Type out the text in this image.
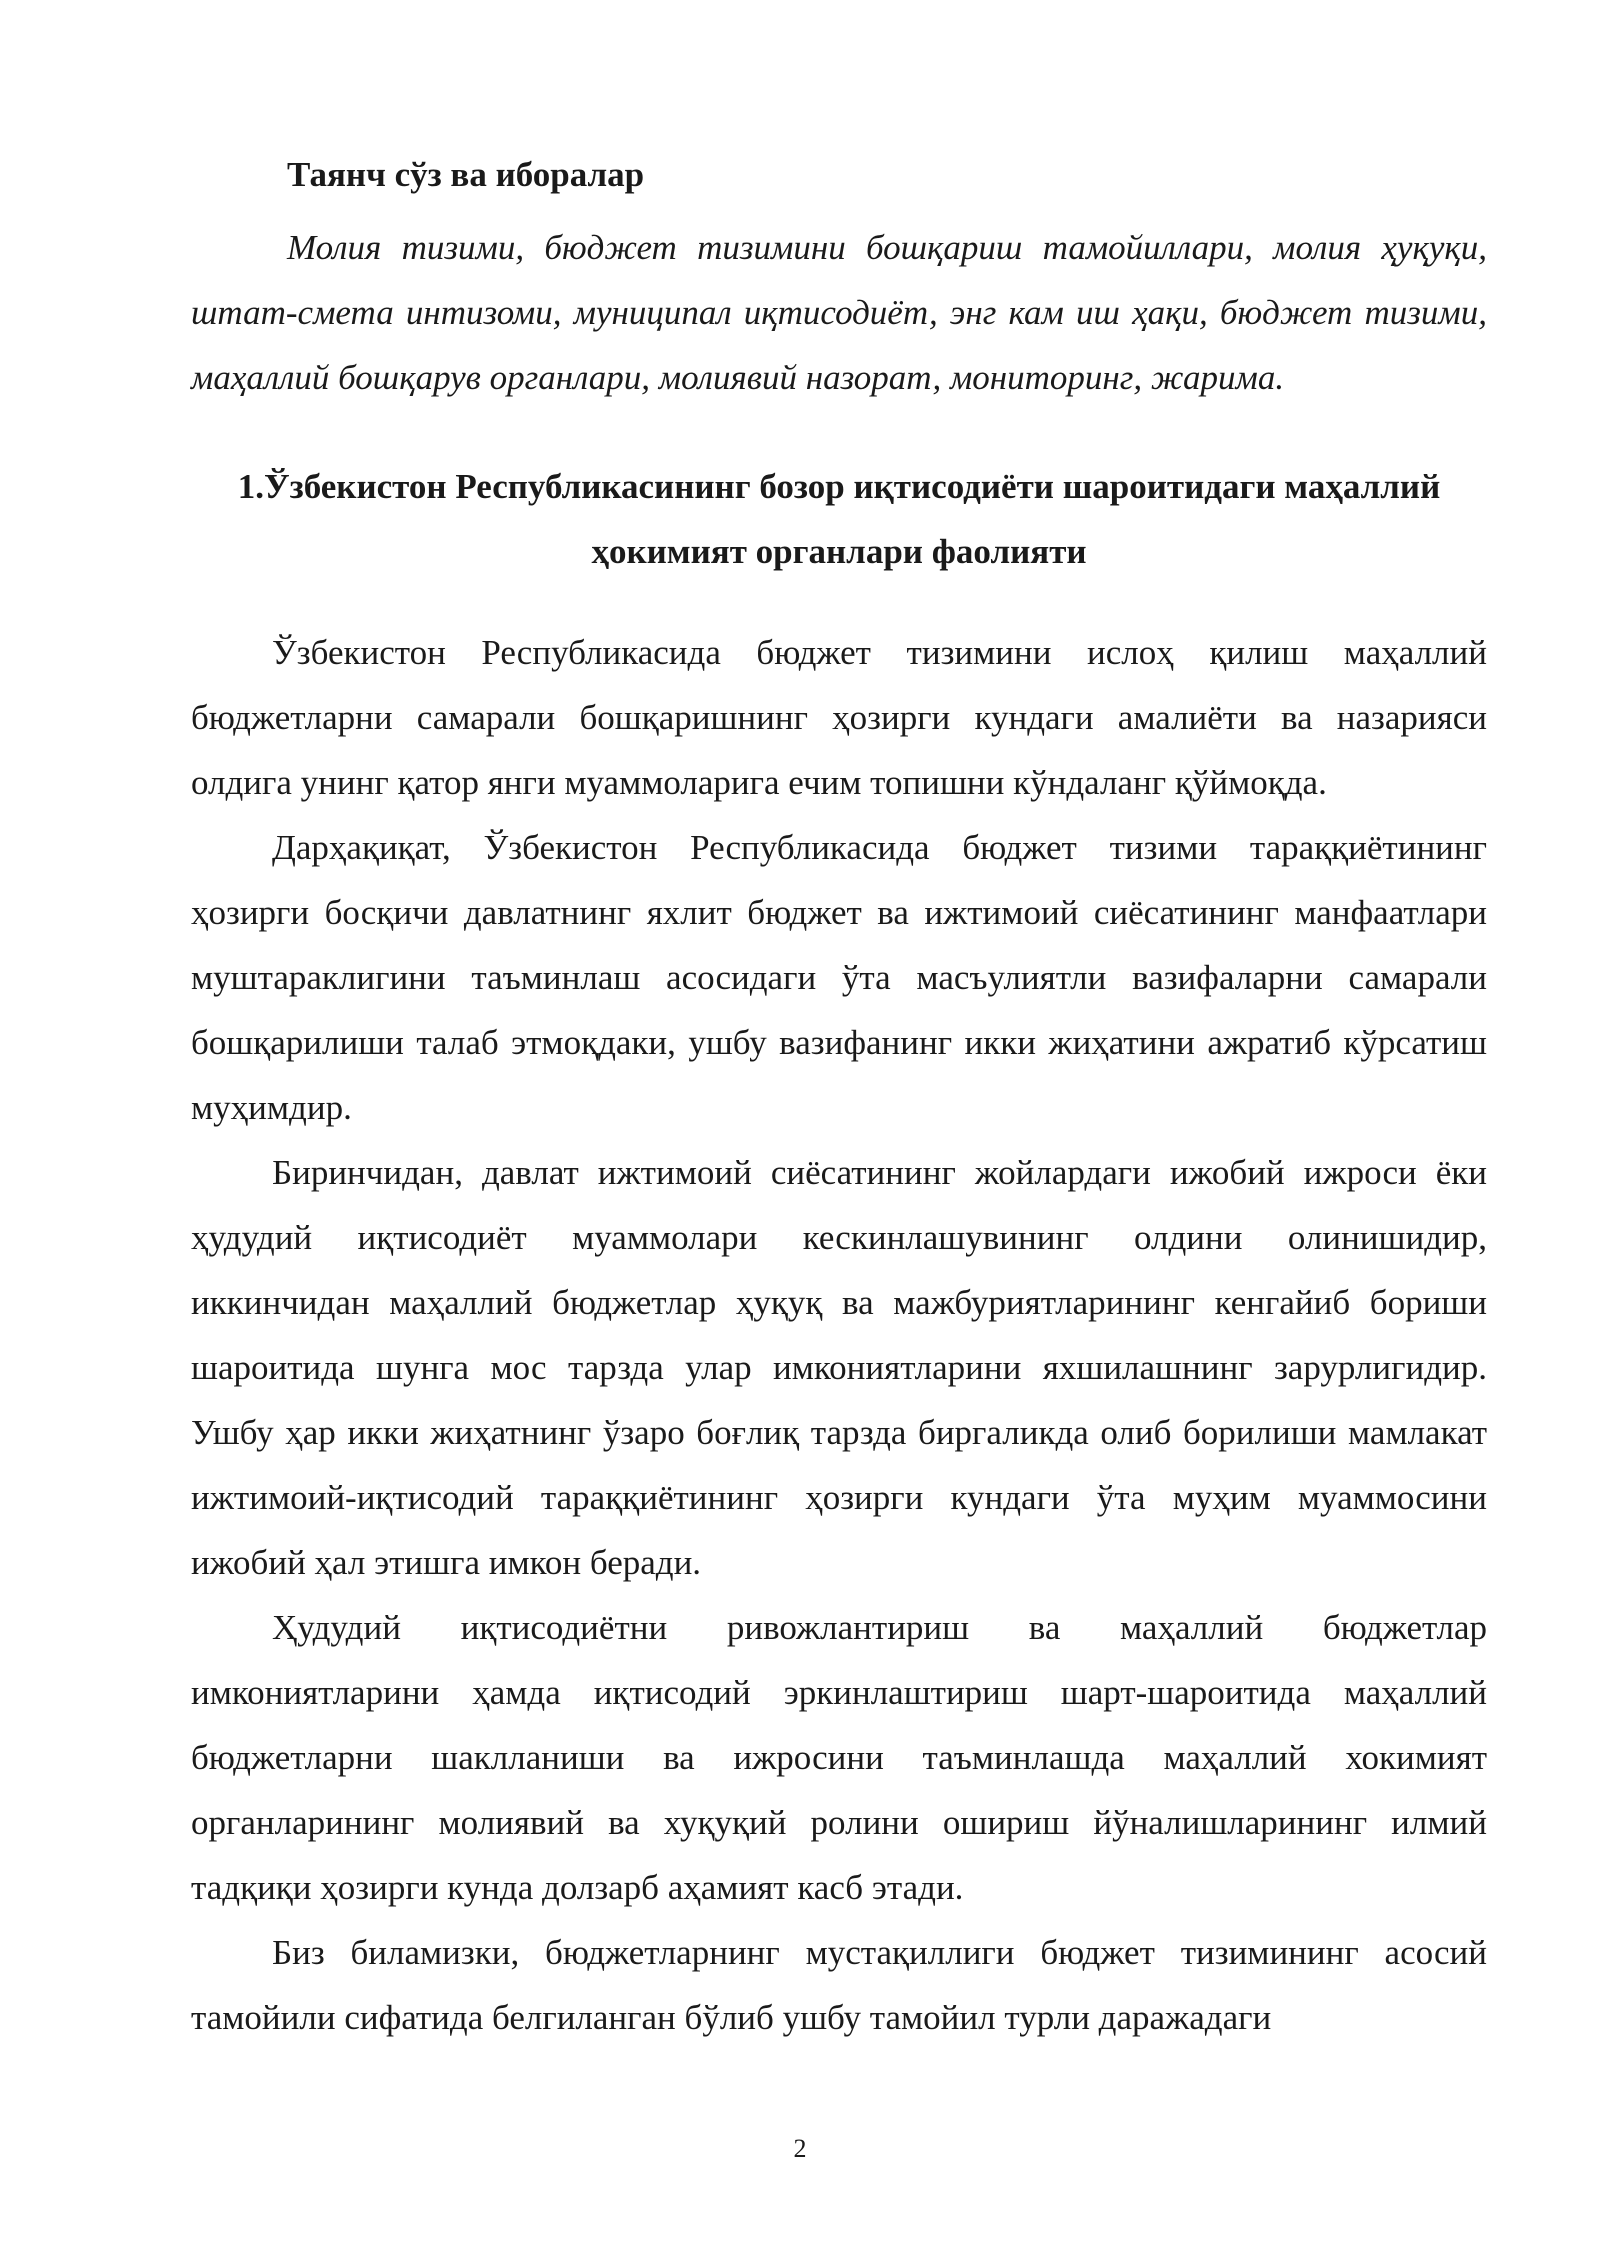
Таянч сўз ва иборалар

Молия тизими, бюджет тизимини бошқариш тамойиллари, молия ҳуқуқи, штат-смета интизоми, муниципал иқтисодиёт, энг кам иш ҳақи, бюджет тизими, маҳаллий бошқарув органлари, молиявий назорат, мониторинг, жарима.

1.Ўзбекистон Республикасининг бозор иқтисодиёти шароитидаги маҳаллий ҳокимият органлари фаолияти

Ўзбекистон Республикасида бюджет тизимини ислоҳ қилиш маҳаллий бюджетларни самарали бошқаришнинг ҳозирги кундаги амалиёти ва назарияси олдига унинг қатор янги муаммоларига ечим топишни кўндаланг қўймоқда.

Дарҳақиқат, Ўзбекистон Республикасида бюджет тизими тараққиётининг ҳозирги босқичи давлатнинг яхлит бюджет ва ижтимоий сиёсатининг манфаатлари муштараклигини таъминлаш асосидаги ўта масъулиятли вазифаларни самарали бошқарилиши талаб этмоқдаки, ушбу вазифанинг икки жиҳатини ажратиб кўрсатиш муҳимдир.

Биринчидан, давлат ижтимоий сиёсатининг жойлардаги ижобий ижроси ёки ҳудудий иқтисодиёт муаммолари кескинлашувининг олдини олинишидир, иккинчидан маҳаллий бюджетлар ҳуқуқ ва мажбуриятларининг кенгайиб бориши шароитида шунга мос тарзда улар имкониятларини яхшилашнинг зарурлигидир. Ушбу ҳар икки жиҳатнинг ўзаро боғлиқ тарзда биргаликда олиб борилиши мамлакат ижтимоий-иқтисодий тараққиётининг ҳозирги кундаги ўта муҳим муаммосини ижобий ҳал этишга имкон беради.

Ҳудудий иқтисодиётни ривожлантириш ва маҳаллий бюджетлар имкониятларини ҳамда иқтисодий эркинлаштириш шарт-шароитида маҳаллий бюджетларни шаклланиши ва ижросини таъминлашда маҳаллий хокимият органларининг молиявий ва хуқуқий ролини ошириш йўналишларининг илмий тадқиқи ҳозирги кунда долзарб аҳамият касб этади.

Биз биламизки, бюджетларнинг мустақиллиги бюджет тизимининг асосий тамойили сифатида белгиланган бўлиб ушбу тамойил турли даражадаги

2
